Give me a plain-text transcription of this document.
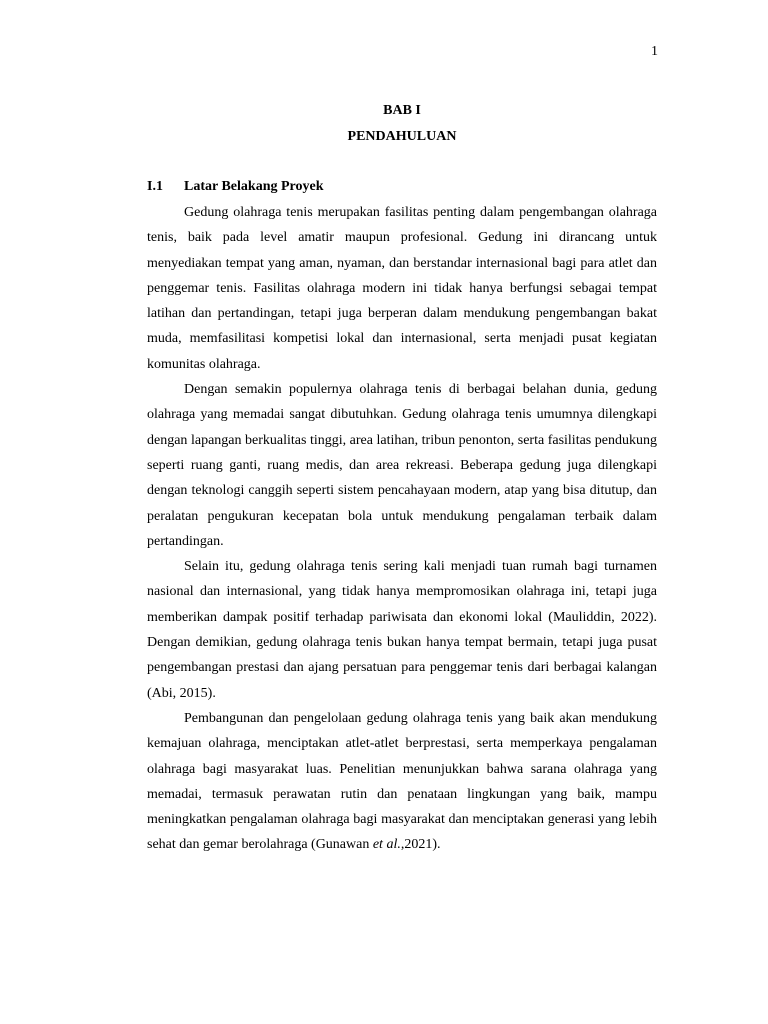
1
BAB I
PENDAHULUAN
I.1 Latar Belakang Proyek

Gedung olahraga tenis merupakan fasilitas penting dalam pengembangan olahraga tenis, baik pada level amatir maupun profesional. Gedung ini dirancang untuk menyediakan tempat yang aman, nyaman, dan berstandar internasional bagi para atlet dan penggemar tenis. Fasilitas olahraga modern ini tidak hanya berfungsi sebagai tempat latihan dan pertandingan, tetapi juga berperan dalam mendukung pengembangan bakat muda, memfasilitasi kompetisi lokal dan internasional, serta menjadi pusat kegiatan komunitas olahraga.

Dengan semakin populernya olahraga tenis di berbagai belahan dunia, gedung olahraga yang memadai sangat dibutuhkan. Gedung olahraga tenis umumnya dilengkapi dengan lapangan berkualitas tinggi, area latihan, tribun penonton, serta fasilitas pendukung seperti ruang ganti, ruang medis, dan area rekreasi. Beberapa gedung juga dilengkapi dengan teknologi canggih seperti sistem pencahayaan modern, atap yang bisa ditutup, dan peralatan pengukuran kecepatan bola untuk mendukung pengalaman terbaik dalam pertandingan.

Selain itu, gedung olahraga tenis sering kali menjadi tuan rumah bagi turnamen nasional dan internasional, yang tidak hanya mempromosikan olahraga ini, tetapi juga memberikan dampak positif terhadap pariwisata dan ekonomi lokal (Mauliddin, 2022). Dengan demikian, gedung olahraga tenis bukan hanya tempat bermain, tetapi juga pusat pengembangan prestasi dan ajang persatuan para penggemar tenis dari berbagai kalangan (Abi, 2015).

Pembangunan dan pengelolaan gedung olahraga tenis yang baik akan mendukung kemajuan olahraga, menciptakan atlet-atlet berprestasi, serta memperkaya pengalaman olahraga bagi masyarakat luas. Penelitian menunjukkan bahwa sarana olahraga yang memadai, termasuk perawatan rutin dan penataan lingkungan yang baik, mampu meningkatkan pengalaman olahraga bagi masyarakat dan menciptakan generasi yang lebih sehat dan gemar berolahraga (Gunawan et al.,2021).
